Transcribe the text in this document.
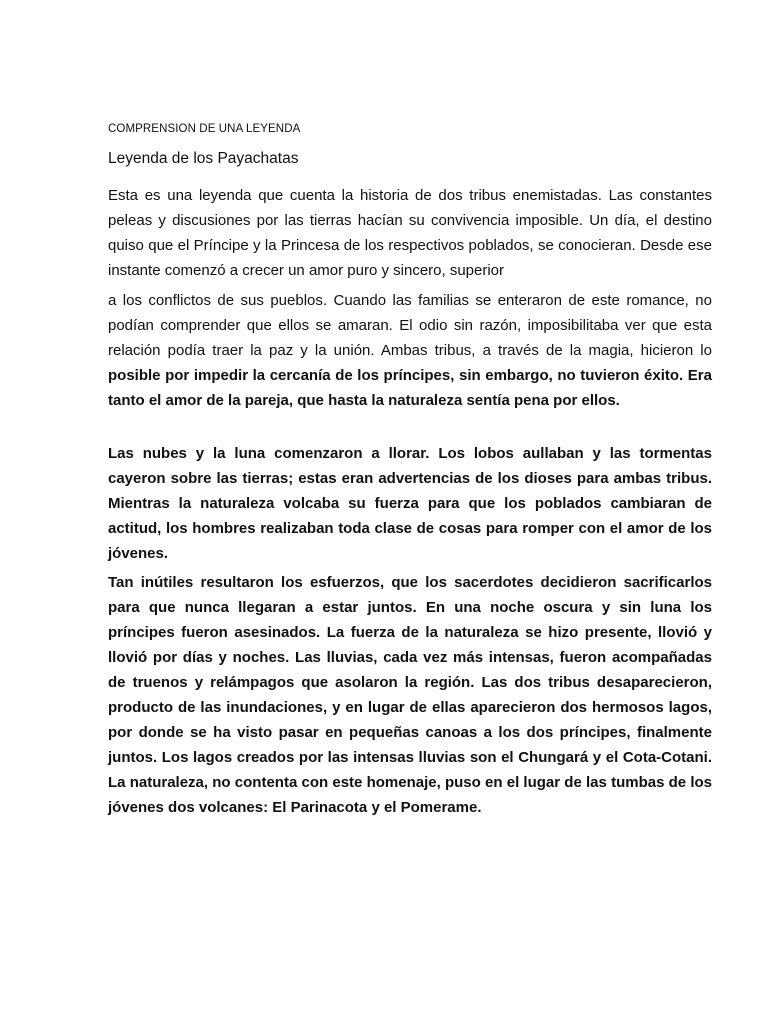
COMPRENSION DE UNA LEYENDA

Leyenda de los Payachatas

Esta es una leyenda que cuenta la historia de dos tribus enemistadas. Las constantes peleas y discusiones por las tierras hacían su convivencia imposible. Un día, el destino quiso que el Príncipe y la Princesa de los respectivos poblados, se conocieran. Desde ese instante comenzó a crecer un amor puro y sincero, superior

a los conflictos de sus pueblos. Cuando las familias se enteraron de este romance, no podían comprender que ellos se amaran. El odio sin razón, imposibilitaba ver que esta relación podía traer la paz y la unión. Ambas tribus, a través de la magia, hicieron lo posible por impedir la cercanía de los príncipes, sin embargo, no tuvieron éxito. Era tanto el amor de la pareja, que hasta la naturaleza sentía pena por ellos.

Las nubes y la luna comenzaron a llorar. Los lobos aullaban y las tormentas cayeron sobre las tierras; estas eran advertencias de los dioses para ambas tribus. Mientras la naturaleza volcaba su fuerza para que los poblados cambiaran de actitud, los hombres realizaban toda clase de cosas para romper con el amor de los jóvenes.

Tan inútiles resultaron los esfuerzos, que los sacerdotes decidieron sacrificarlos para que nunca llegaran a estar juntos. En una noche oscura y sin luna los príncipes fueron asesinados. La fuerza de la naturaleza se hizo presente, llovió y llovió por días y noches. Las lluvias, cada vez más intensas, fueron acompañadas de truenos y relámpagos que asolaron la región. Las dos tribus desaparecieron, producto de las inundaciones, y en lugar de ellas aparecieron dos hermosos lagos, por donde se ha visto pasar en pequeñas canoas a los dos príncipes, finalmente juntos. Los lagos creados por las intensas lluvias son el Chungará y el Cota-Cotani. La naturaleza, no contenta con este homenaje, puso en el lugar de las tumbas de los jóvenes dos volcanes: El Parinacota y el Pomerame.
